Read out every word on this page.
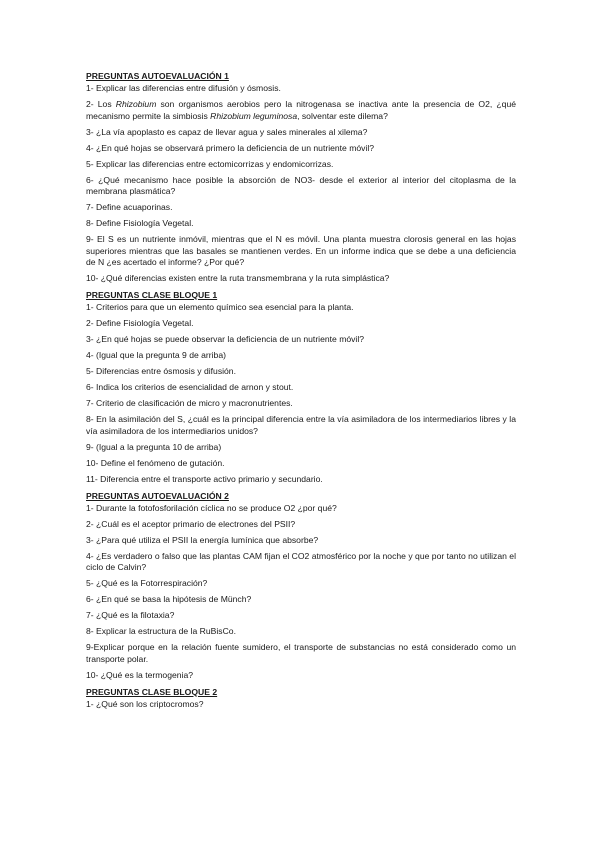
PREGUNTAS AUTOEVALUACIÓN 1

1- Explicar las diferencias entre difusión y ósmosis.

2- Los Rhizobium son organismos aerobios pero la nitrogenasa se inactiva ante la presencia de O2, ¿qué mecanismo permite la simbiosis Rhizobium leguminosa, solventar este dilema?

3- ¿La vía apoplasto es capaz de llevar agua y sales minerales al xilema?

4- ¿En qué hojas se observará primero la deficiencia de un nutriente móvil?

5- Explicar las diferencias entre ectomicorrizas y endomicorrizas.

6- ¿Qué mecanismo hace posible la absorción de NO3- desde el exterior al interior del citoplasma de la membrana plasmática?

7- Define acuaporinas.

8- Define Fisiología Vegetal.

9- El S es un nutriente inmóvil, mientras que el N es móvil. Una planta muestra clorosis general en las hojas superiores mientras que las basales se mantienen verdes. En un informe indica que se debe a una deficiencia de N ¿es acertado el informe? ¿Por qué?

10- ¿Qué diferencias existen entre la ruta transmembrana y la ruta simplástica?

PREGUNTAS CLASE BLOQUE 1

1- Criterios para que un elemento químico sea esencial para la planta.

2- Define Fisiología Vegetal.

3- ¿En qué hojas se puede observar la deficiencia de un nutriente móvil?

4- (Igual que la pregunta 9 de arriba)

5- Diferencias entre ósmosis y difusión.

6- Indica los criterios de esencialidad de arnon y stout.

7- Criterio de clasificación de micro y macronutrientes.

8- En la asimilación del S, ¿cuál es la principal diferencia entre la vía asimiladora de los intermediarios libres y la vía asimiladora de los intermediarios unidos?

9- (Igual a la pregunta 10 de arriba)

10- Define el fenómeno de gutación.

11- Diferencia entre el transporte activo primario y secundario.

PREGUNTAS AUTOEVALUACIÓN 2

1- Durante la fotofosforilación cíclica no se produce O2 ¿por qué?

2- ¿Cuál es el aceptor primario de electrones del PSII?

3- ¿Para qué utiliza el PSII la energía lumínica que absorbe?

4- ¿Es verdadero o falso que las plantas CAM fijan el CO2 atmosférico por la noche y que por tanto no utilizan el ciclo de Calvin?

5- ¿Qué es la Fotorrespiración?

6- ¿En qué se basa la hipótesis de Münch?

7- ¿Qué es la filotaxia?

8- Explicar la estructura de la RuBisCo.

9-Explicar porque en la relación fuente sumidero, el transporte de substancias no está considerado como un transporte polar.

10- ¿Qué es la termogenia?

PREGUNTAS CLASE BLOQUE 2

1- ¿Qué son los criptocromos?
